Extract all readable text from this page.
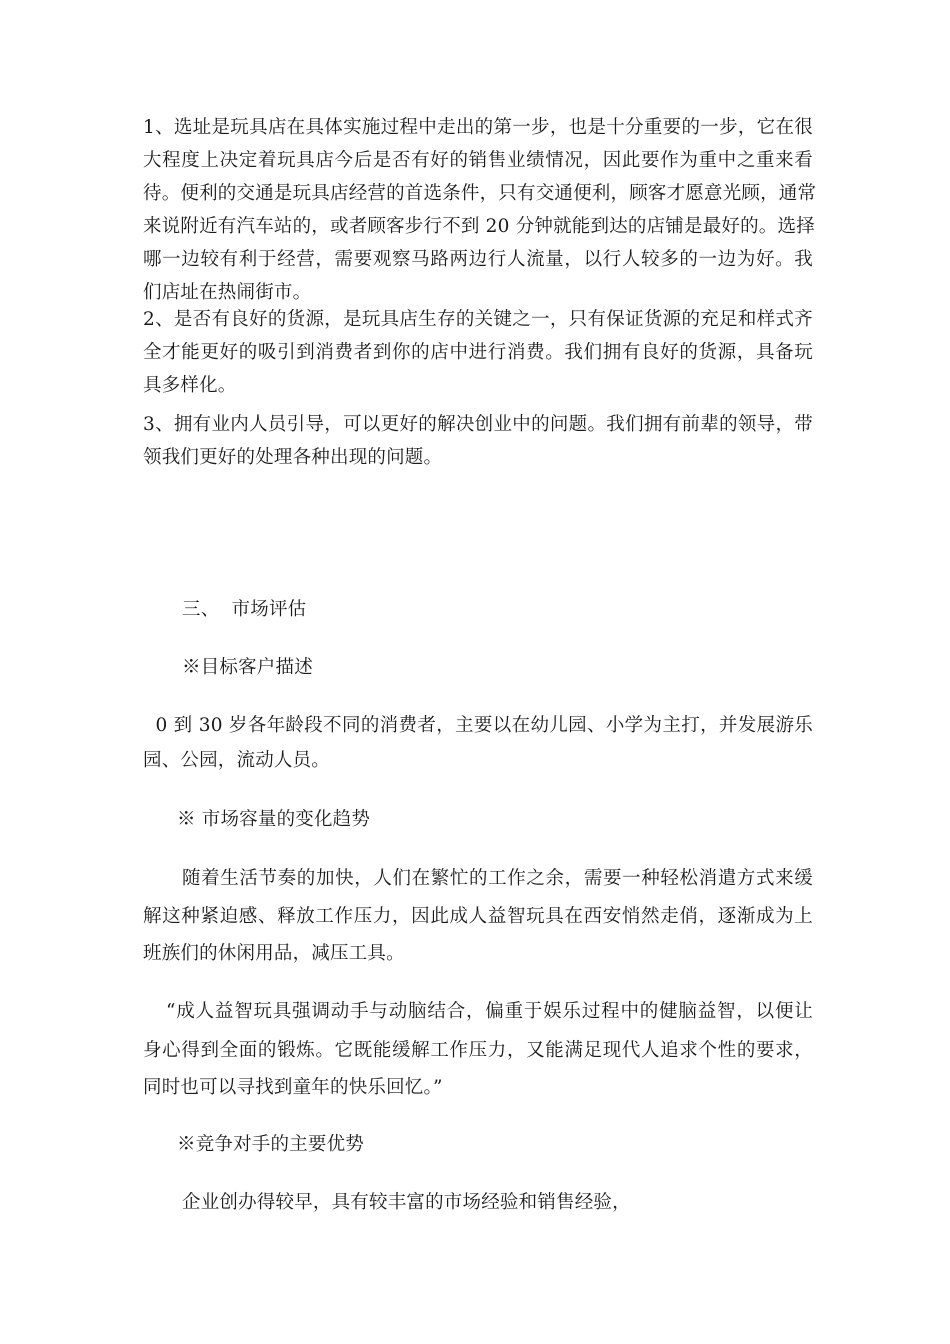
1、选址是玩具店在具体实施过程中走出的第一步，也是十分重要的一步，它在很
大程度上决定着玩具店今后是否有好的销售业绩情况，因此要作为重中之重来看
待。便利的交通是玩具店经营的首选条件，只有交通便利，顾客才愿意光顾，通常
来说附近有汽车站的，或者顾客步行不到 20 分钟就能到达的店铺是最好的。选择
哪一边较有利于经营，需要观察马路两边行人流量，以行人较多的一边为好。我
们店址在热闹街市。
2、是否有良好的货源，是玩具店生存的关键之一，只有保证货源的充足和样式齐
全才能更好的吸引到消费者到你的店中进行消费。我们拥有良好的货源，具备玩
具多样化。
3、拥有业内人员引导，可以更好的解决创业中的问题。我们拥有前辈的领导，带
领我们更好的处理各种出现的问题。
三、  市场评估
※目标客户描述
0 到 30 岁各年龄段不同的消费者，主要以在幼儿园、小学为主打，并发展游乐
园、公园，流动人员。
※ 市场容量的变化趋势
随着生活节奏的加快，人们在繁忙的工作之余，需要一种轻松消遣方式来缓
解这种紧迫感、释放工作压力，因此成人益智玩具在西安悄然走俏，逐渐成为上
班族们的休闲用品，减压工具。
“成人益智玩具强调动手与动脑结合，偏重于娱乐过程中的健脑益智，以便让
身心得到全面的锻炼。它既能缓解工作压力，又能满足现代人追求个性的要求，
同时也可以寻找到童年的快乐回忆。”
※竞争对手的主要优势
企业创办得较早，具有较丰富的市场经验和销售经验，
